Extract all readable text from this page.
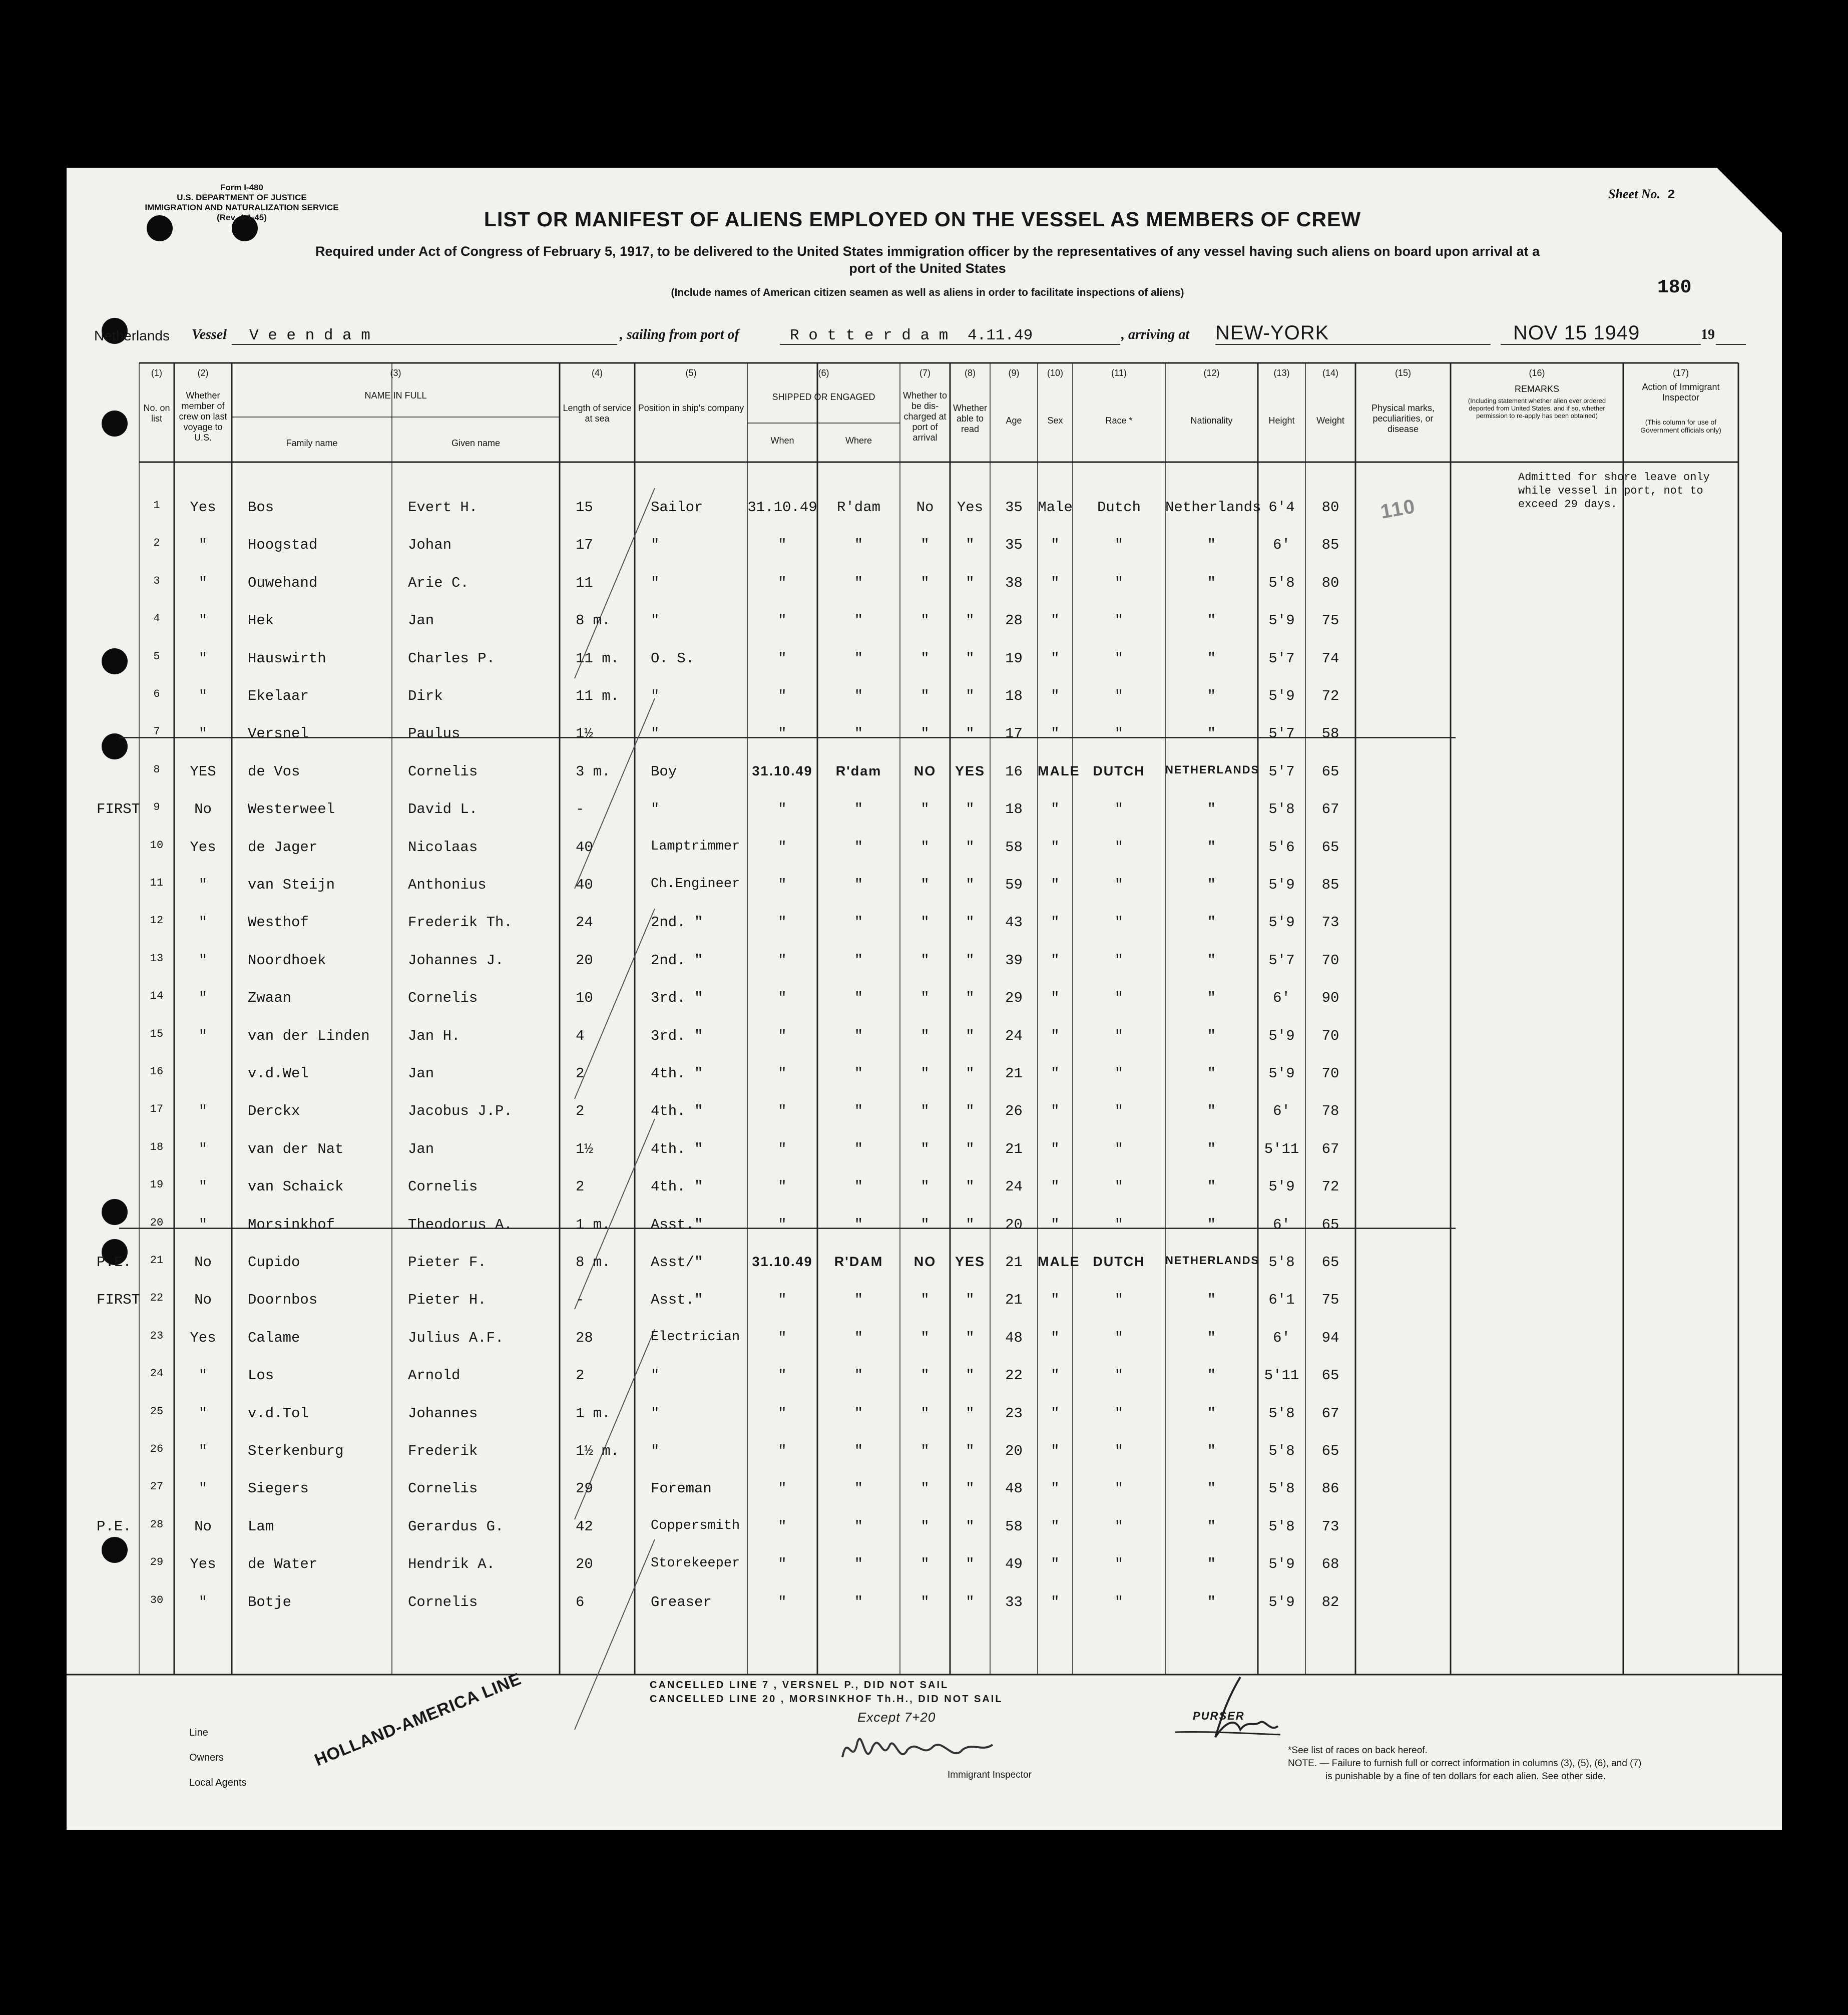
Form I-480
U.S. DEPARTMENT OF JUSTICE
IMMIGRATION AND NATURALIZATION SERVICE
(Rev. 4-1-45)	LIST OR MANIFEST OF ALIENS EMPLOYED ON THE VESSEL AS MEMBERS OF CREW
Sheet No. 2
Required under Act of Congress of February 5, 1917, to be delivered to the United States immigration officer by the representatives of any vessel having such aliens on board upon arrival at a
port of the United States
180
(Include names of American citizen seamen as well as aliens in order to facilitate inspections of aliens)
Netherlands Vessel V e e n d a m	, sailing from port of	R o t t e r d a m 4.11.49	, arriving at NEW-YORK	NOV 15 1949	19
(1)
No. on list
(2)
Whether member of crew on last voyage to U.S.
(4)
Length of service at sea
(5)
Position in ship's company
(7)
Whether to be dis-charged at port of arrival
(8)
Whether able to read
(9)
Age
(10)
Sex
(11)
Race *
(12)
Nationality
(13)
Height
(14)
Weight
(15)
Physical marks, peculiarities, or disease
(3)
NAME IN FULL
Family name	Given name
(6)
SHIPPED OR ENGAGED
When	Where
(16)
REMARKS
(Including statement whether alien ever ordered deported from United States, and if so, whether permission to re-apply has been obtained)
(17)
Action of Immigrant Inspector
(This column for use of Government officials only)
1	Yes	Bos	Evert H.	15	Sailor	31.10.49	R'dam	No	Yes	35	Male	Dutch	Netherlands 6'4	80
2	"	Hoogstad	Johan	17	"	"	"	"	"	35	"	"	"	6'	85
3	"	Ouwehand	Arie C.	11	"	"	"	"	"	38	"	"	"	5'8	80
4	"	Hek	Jan	8 m.	"	"	"	"	"	28	"	"	"	5'9	75
5	"	Hauswirth	Charles P.	11 m. O. S.	"	"	"	"	19	"	"	"	5'7	74
6	"	Ekelaar	Dirk	11 m. "	"	"	"	"	18	"	"	"	5'9	72
7	"	Versnel	Paulus	1½	"	"	"	"	"	17	"	"	"	5'7	58
8	YES	de Vos	Cornelis	3 m.	Boy	31.10.49	R'dam	NO	YES	16	MALE DUTCH	NETHERLANDS 5'7	65
9	No	Westerweel	David L.	-	"	"	"	"	"	18	"	"	"	5'8	67
10	Yes	de Jager	Nicolaas	40	Lamptrimmer	"	"	"	"	58	"	"	"	5'6	65
11	"	van Steijn	Anthonius	40	Ch.Engineer	"	"	"	"	59	"	"	"	5'9	85
12	"	Westhof	Frederik Th.	24	2nd. "	"	"	"	"	43	"	"	"	5'9	73
13	"	Noordhoek	Johannes J.	20	2nd. "	"	"	"	"	39	"	"	"	5'7	70
14	"	Zwaan	Cornelis	10	3rd. "	"	"	"	"	29	"	"	"	6'	90
15	"	van der Linden	Jan H.	4	3rd. "	"	"	"	"	24	"	"	"	5'9	70
16	v.d.Wel	Jan	2	4th. "	"	"	"	"	21	"	"	"	5'9	70
17	"	Derckx	Jacobus J.P.	2	4th. "	"	"	"	"	26	"	"	"	6'	78
18	"	van der Nat	Jan	1½	4th. "	"	"	"	"	21	"	"	"	5'11	67
19	"	van Schaick	Cornelis	2	4th. "	"	"	"	"	24	"	"	"	5'9	72
20	"	Morsinkhof	Theodorus A.	1 m.	Asst."	"	"	"	"	20	"	"	"	6'	65
21	No	Cupido	Pieter F.	8 m.	Asst/"	31.10.49	R'DAM	NO	YES	21	MALE DUTCH	NETHERLANDS 5'8	65
22	No	Doornbos	Pieter H.	-	Asst."	"	"	"	"	21	"	"	"	6'1	75
23	Yes	Calame	Julius A.F.	28	Electrician	"	"	"	"	48	"	"	"	6'	94
24	"	Los	Arnold	2	"	"	"	"	"	22	"	"	"	5'11	65
25	"	v.d.Tol	Johannes	1 m.	"	"	"	"	"	23	"	"	"	5'8	67
26	"	Sterkenburg	Frederik	1½ m. "	"	"	"	"	20	"	"	"	5'8	65
27	"	Siegers	Cornelis	29	Foreman	"	"	"	"	48	"	"	"	5'8	86
28	No	Lam	Gerardus G.	42	Coppersmith	"	"	"	"	58	"	"	"	5'8	73
29	Yes	de Water	Hendrik A.	20	Storekeeper	"	"	"	"	49	"	"	"	5'9	68
30	"	Botje	Cornelis	6	Greaser	"	"	"	"	33	"	"	"	5'9	82
FIRST
P.E.
FIRST
P.E.
Admitted for shore leave only while vessel in port, not to exceed 29 days.
110
Line
Owners
Local Agents
HOLLAND-AMERICA LINE	CANCELLED LINE 7 , VERSNEL P., DID NOT SAIL
CANCELLED LINE 20 , MORSINKHOF Th.H., DID NOT SAIL
Except 7+20
Immigrant Inspector
PURSER
*See list of races on back hereof.
NOTE. — Failure to furnish full or correct information in columns (3), (5), (6), and (7)
is punishable by a fine of ten dollars for each alien. See other side.
